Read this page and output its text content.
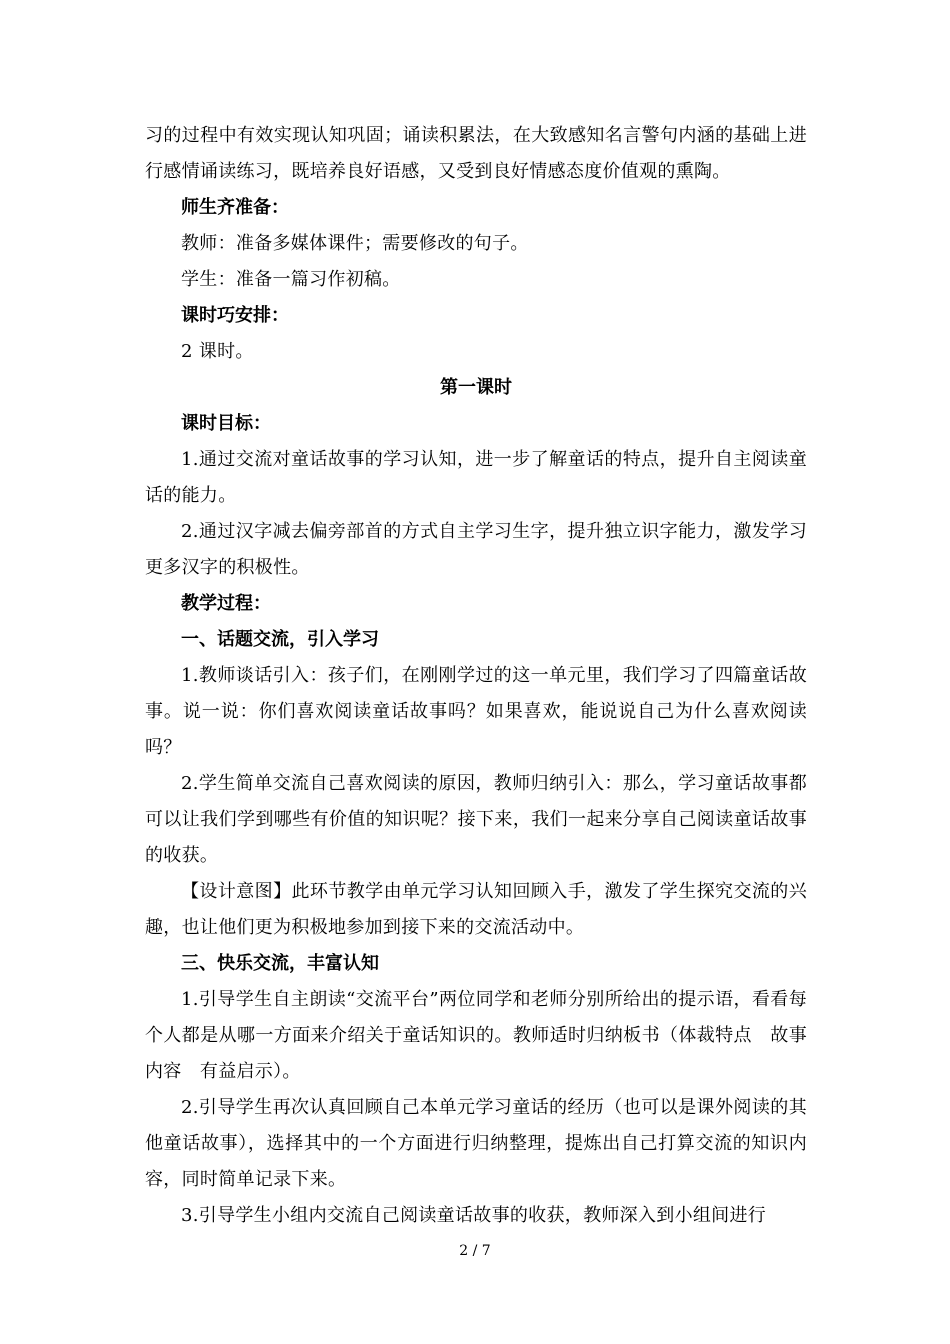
习的过程中有效实现认知巩固；诵读积累法，在大致感知名言警句内涵的基础上进行感情诵读练习，既培养良好语感，又受到良好情感态度价值观的熏陶。

师生齐准备：

教师：准备多媒体课件；需要修改的句子。

学生：准备一篇习作初稿。

课时巧安排：

2 课时。

第一课时

课时目标：

1.通过交流对童话故事的学习认知，进一步了解童话的特点，提升自主阅读童话的能力。

2.通过汉字减去偏旁部首的方式自主学习生字，提升独立识字能力，激发学习更多汉字的积极性。

教学过程：

一、话题交流，引入学习

1.教师谈话引入：孩子们，在刚刚学过的这一单元里，我们学习了四篇童话故事。说一说：你们喜欢阅读童话故事吗？如果喜欢，能说说自己为什么喜欢阅读吗？

2.学生简单交流自己喜欢阅读的原因，教师归纳引入：那么，学习童话故事都可以让我们学到哪些有价值的知识呢？接下来，我们一起来分享自己阅读童话故事的收获。

【设计意图】此环节教学由单元学习认知回顾入手，激发了学生探究交流的兴趣，也让他们更为积极地参加到接下来的交流活动中。

三、快乐交流，丰富认知

1.引导学生自主朗读“交流平台”两位同学和老师分别所给出的提示语，看看每个人都是从哪一方面来介绍关于童话知识的。教师适时归纳板书（体裁特点　故事内容　有益启示）。

2.引导学生再次认真回顾自己本单元学习童话的经历（也可以是课外阅读的其他童话故事），选择其中的一个方面进行归纳整理，提炼出自己打算交流的知识内容，同时简单记录下来。

3.引导学生小组内交流自己阅读童话故事的收获，教师深入到小组间进行

2 / 7
